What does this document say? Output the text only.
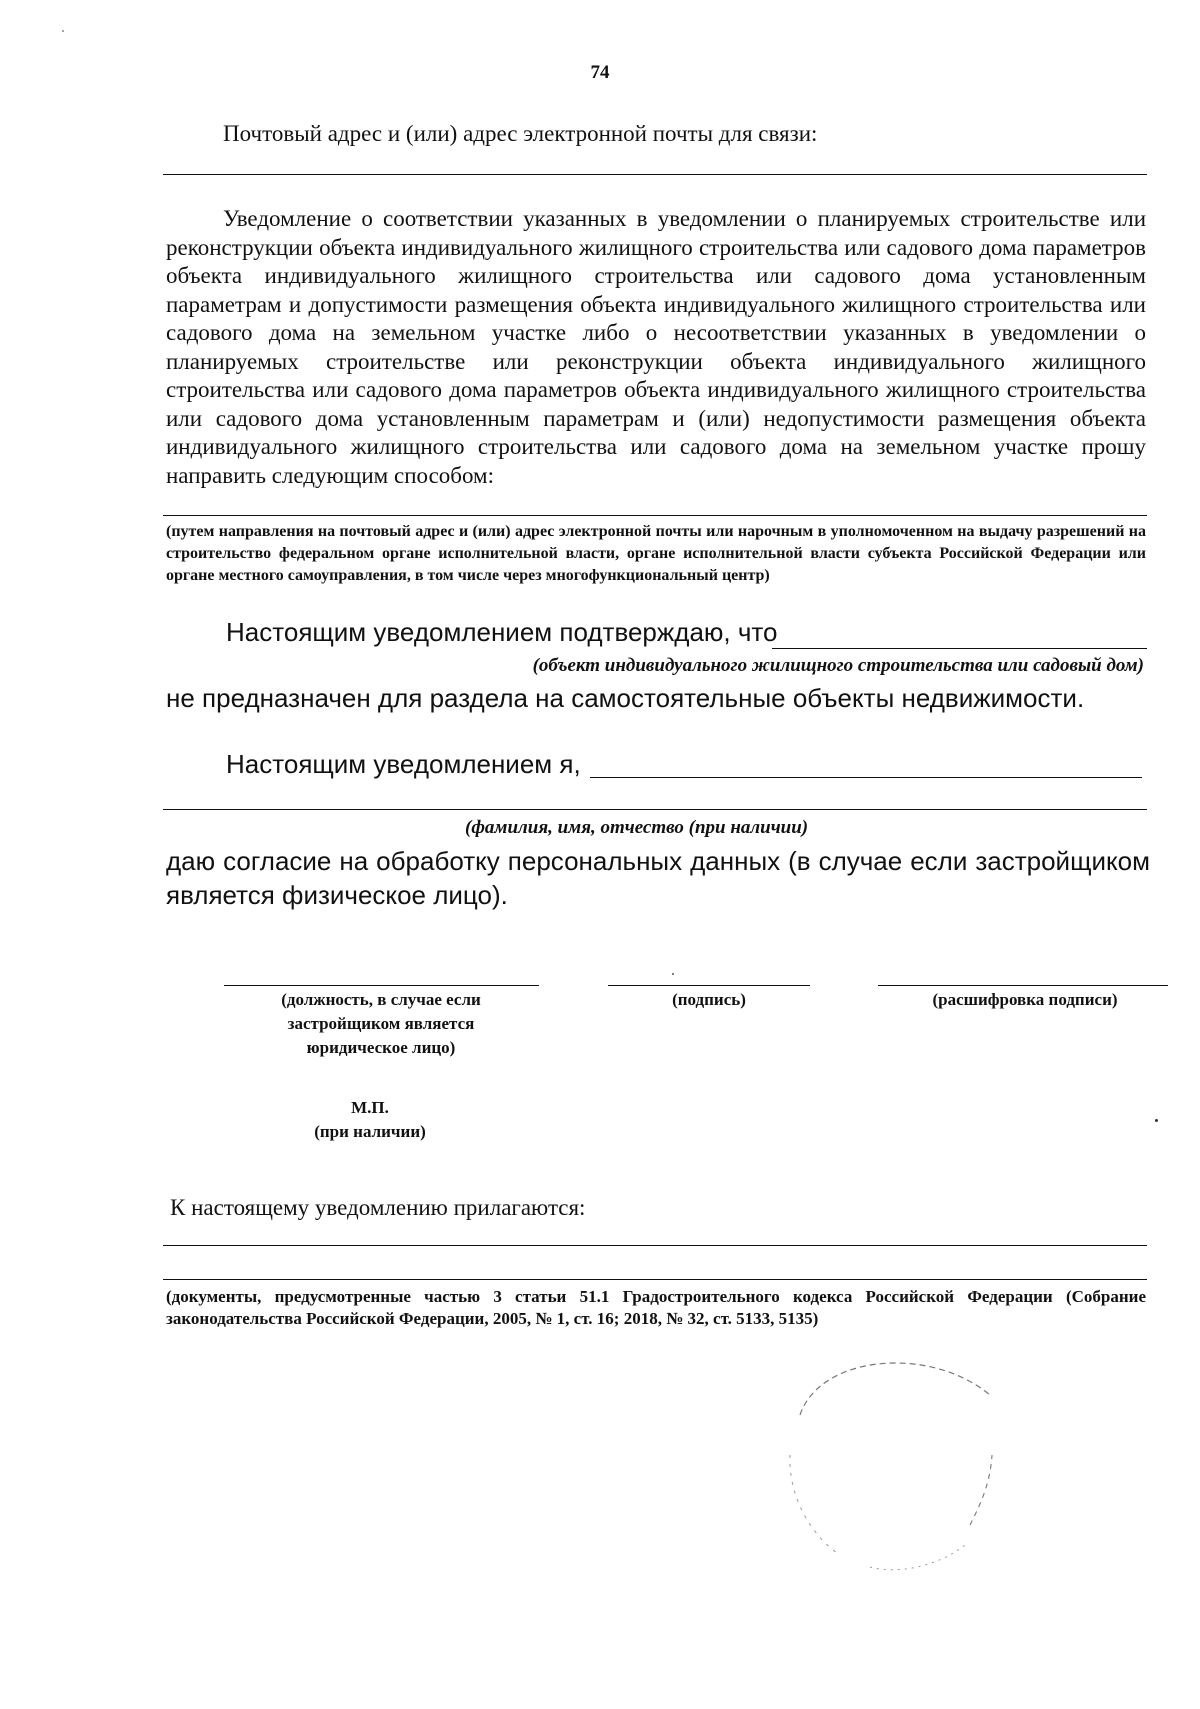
74
Почтовый адрес и (или) адрес электронной почты для связи:

Уведомление о соответствии указанных в уведомлении о планируемых строительстве или реконструкции объекта индивидуального жилищного строительства или садового дома параметров объекта индивидуального жилищного строительства или садового дома установленным параметрам и допустимости размещения объекта индивидуального жилищного строительства или садового дома на земельном участке либо о несоответствии указанных в уведомлении о планируемых строительстве или реконструкции объекта индивидуального жилищного строительства или садового дома параметров объекта индивидуального жилищного строительства или садового дома установленным параметрам и (или) недопустимости размещения объекта индивидуального жилищного строительства или садового дома на земельном участке прошу направить следующим способом:

(путем направления на почтовый адрес и (или) адрес электронной почты или нарочным в уполномоченном на выдачу разрешений на строительство федеральном органе исполнительной власти, органе исполнительной власти субъекта Российской Федерации или органе местного самоуправления, в том числе через многофункциональный центр)
Настоящим уведомлением подтверждаю, что
(объект индивидуального жилищного строительства или садовый дом)
не предназначен для раздела на самостоятельные объекты недвижимости.
Настоящим уведомлением я,
(фамилия, имя, отчество (при наличии)
даю согласие на обработку персональных данных (в случае если застройщиком является физическое лицо).
(должность, в случае если застройщиком является юридическое лицо)
(подпись)	(расшифровка подписи)
М.П.
(при наличии)
К настоящему уведомлению прилагаются:
(документы, предусмотренные частью 3 статьи 51.1 Градостроительного кодекса Российской Федерации (Собрание законодательства Российской Федерации, 2005, № 1, ст. 16; 2018, № 32, ст. 5133, 5135)
